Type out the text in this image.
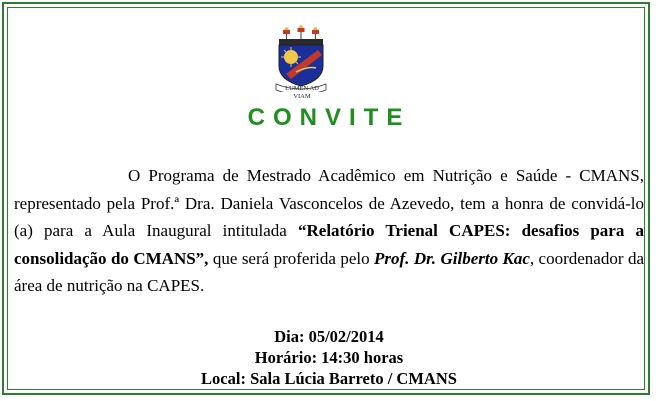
LUMEN AD VIAM
CONVITE
O Programa de Mestrado Acadêmico em Nutrição e Saúde - CMANS, representado pela Prof.ª Dra. Daniela Vasconcelos de Azevedo, tem a honra de convidá-lo (a) para a Aula Inaugural intitulada “Relatório Trienal CAPES: desafios para a consolidação do CMANS”, que será proferida pelo Prof. Dr. Gilberto Kac, coordenador da área de nutrição na CAPES.
Dia: 05/02/2014
Horário: 14:30 horas
Local: Sala Lúcia Barreto / CMANS
